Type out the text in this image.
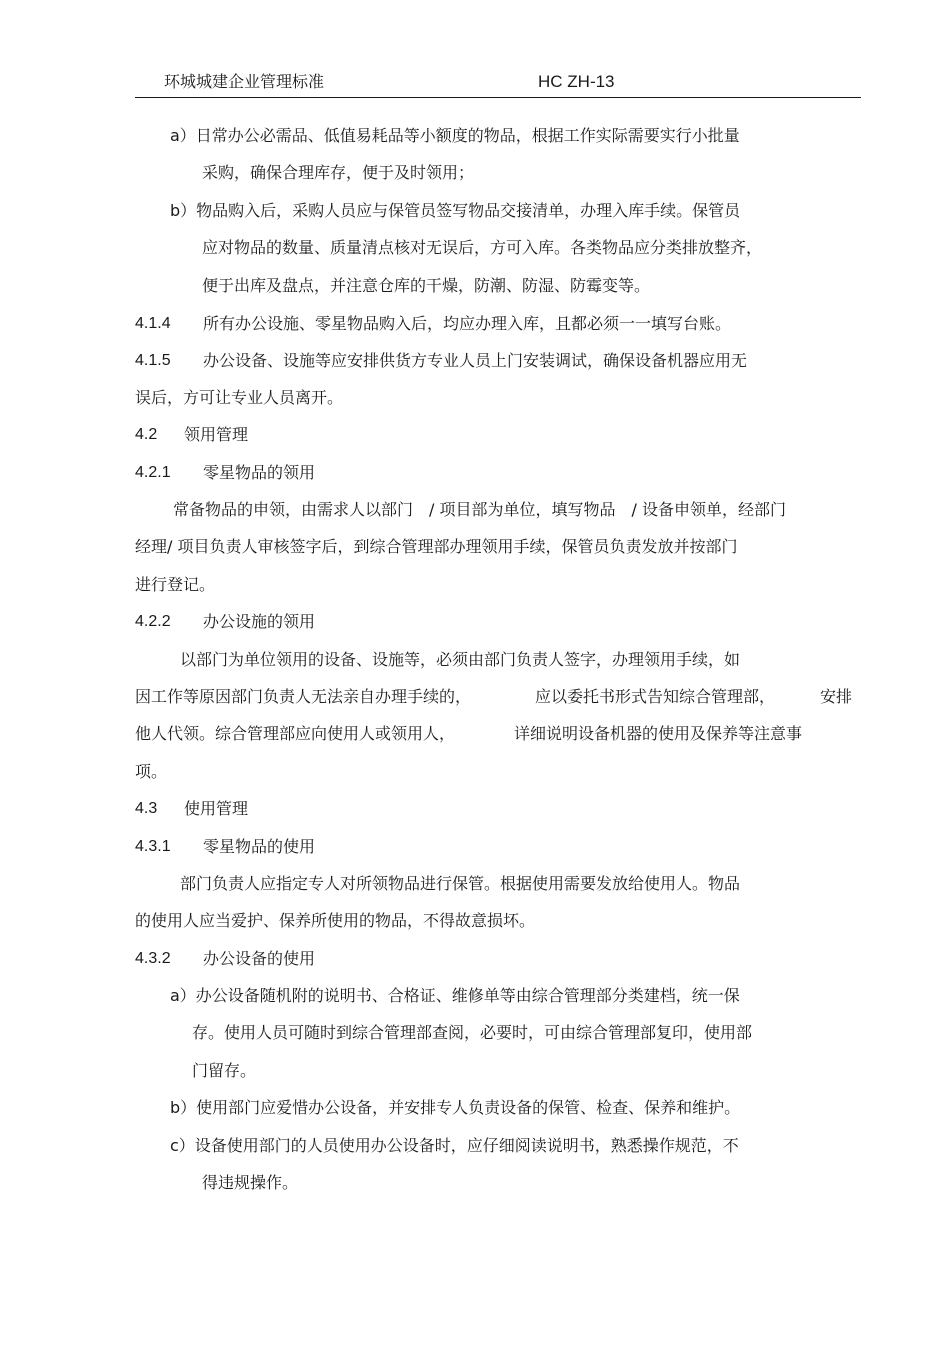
环城城建企业管理标准	HC ZH-13
a）日常办公必需品、低值易耗品等小额度的物品，根据工作实际需要实行小批量
采购，确保合理库存，便于及时领用；
b）物品购入后，采购人员应与保管员签写物品交接清单，办理入库手续。保管员
应对物品的数量、质量清点核对无误后，方可入库。各类物品应分类排放整齐，
便于出库及盘点，并注意仓库的干燥，防潮、防湿、防霉变等。
4.1.4 所有办公设施、零星物品购入后，均应办理入库，且都必须一一填写台账。
4.1.5 办公设备、设施等应安排供货方专业人员上门安装调试，确保设备机器应用无
误后，方可让专业人员离开。
4.2 领用管理
4.2.1 零星物品的领用
常备物品的申领，由需求人以部门　/ 项目部为单位，填写物品　/ 设备申领单，经部门
经理/ 项目负责人审核签字后，到综合管理部办理领用手续，保管员负责发放并按部门
进行登记。
4.2.2 办公设施的领用
以部门为单位领用的设备、设施等，必须由部门负责人签字，办理领用手续，如
因工作等原因部门负责人无法亲自办理手续的，	应以委托书形式告知综合管理部，	安排
他人代领。综合管理部应向使用人或领用人，	详细说明设备机器的使用及保养等注意事
项。
4.3 使用管理
4.3.1 零星物品的使用
部门负责人应指定专人对所领物品进行保管。根据使用需要发放给使用人。物品
的使用人应当爱护、保养所使用的物品，不得故意损坏。
4.3.2 办公设备的使用
a）办公设备随机附的说明书、合格证、维修单等由综合管理部分类建档，统一保
存。使用人员可随时到综合管理部查阅，必要时，可由综合管理部复印，使用部
门留存。
b）使用部门应爱惜办公设备，并安排专人负责设备的保管、检查、保养和维护。
c）设备使用部门的人员使用办公设备时，应仔细阅读说明书，熟悉操作规范，不
得违规操作。
